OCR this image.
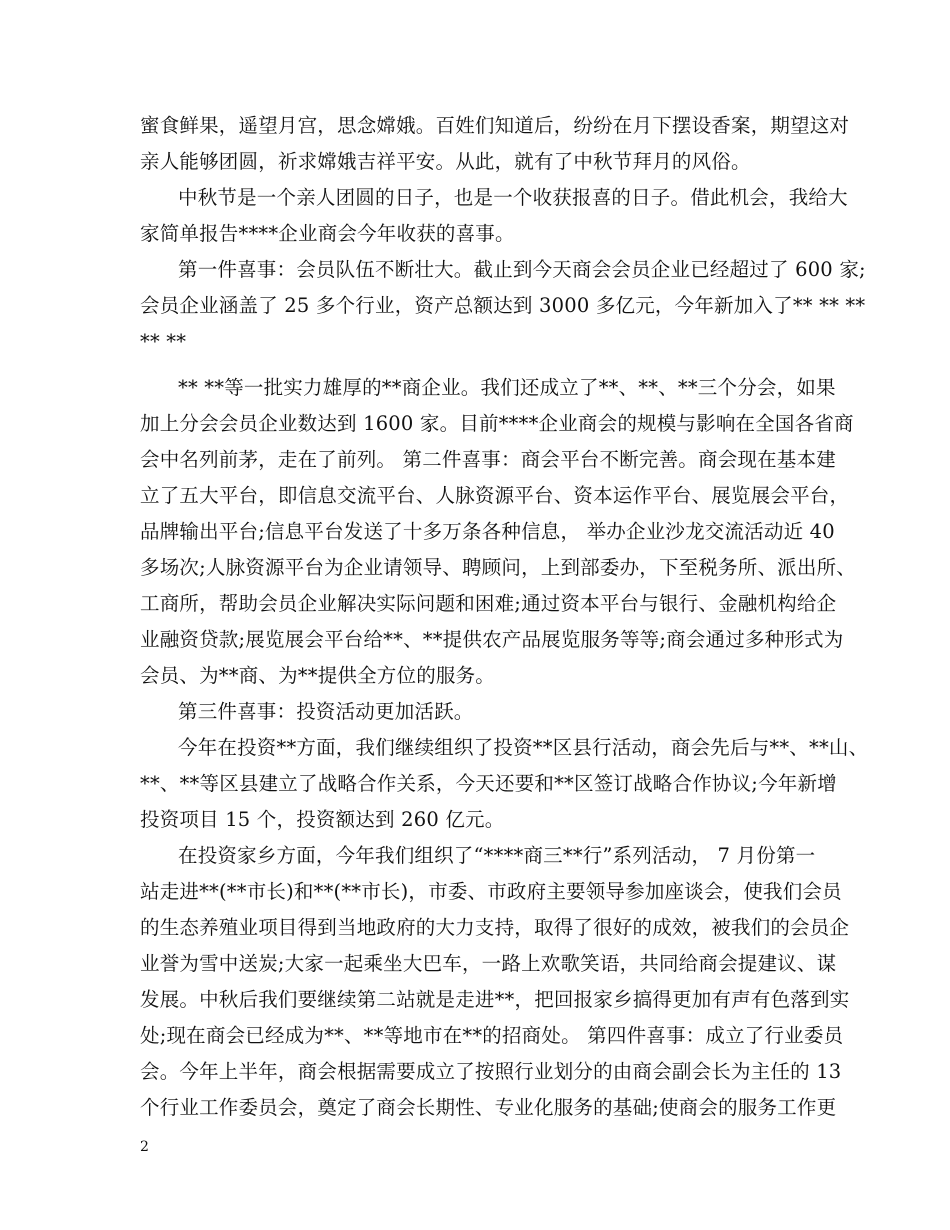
蜜食鲜果，遥望月宫，思念嫦娥。百姓们知道后，纷纷在月下摆设香案，期望这对
亲人能够团圆，祈求嫦娥吉祥平安。从此，就有了中秋节拜月的风俗。
中秋节是一个亲人团圆的日子，也是一个收获报喜的日子。借此机会，我给大
家简单报告****企业商会今年收获的喜事。
第一件喜事：会员队伍不断壮大。截止到今天商会会员企业已经超过了 600 家;
会员企业涵盖了 25 多个行业，资产总额达到 3000 多亿元，今年新加入了** ** **
** **
** **等一批实力雄厚的**商企业。我们还成立了**、**、**三个分会，如果
加上分会会员企业数达到 1600 家。目前****企业商会的规模与影响在全国各省商
会中名列前茅，走在了前列。 第二件喜事：商会平台不断完善。商会现在基本建
立了五大平台，即信息交流平台、人脉资源平台、资本运作平台、展览展会平台，
品牌输出平台;信息平台发送了十多万条各种信息， 举办企业沙龙交流活动近 40
多场次;人脉资源平台为企业请领导、聘顾问，上到部委办，下至税务所、派出所、
工商所，帮助会员企业解决实际问题和困难;通过资本平台与银行、金融机构给企
业融资贷款;展览展会平台给**、**提供农产品展览服务等等;商会通过多种形式为
会员、为**商、为**提供全方位的服务。
第三件喜事：投资活动更加活跃。
今年在投资**方面，我们继续组织了投资**区县行活动，商会先后与**、**山、
**、**等区县建立了战略合作关系，今天还要和**区签订战略合作协议;今年新增
投资项目 15 个，投资额达到 260 亿元。
在投资家乡方面，今年我们组织了“****商三**行”系列活动， 7 月份第一
站走进**(**市长)和**(**市长)，市委、市政府主要领导参加座谈会，使我们会员
的生态养殖业项目得到当地政府的大力支持，取得了很好的成效，被我们的会员企
业誉为雪中送炭;大家一起乘坐大巴车，一路上欢歌笑语，共同给商会提建议、谋
发展。中秋后我们要继续第二站就是走进**，把回报家乡搞得更加有声有色落到实
处;现在商会已经成为**、**等地市在**的招商处。 第四件喜事：成立了行业委员
会。今年上半年，商会根据需要成立了按照行业划分的由商会副会长为主任的 13
个行业工作委员会，奠定了商会长期性、专业化服务的基础;使商会的服务工作更
2
